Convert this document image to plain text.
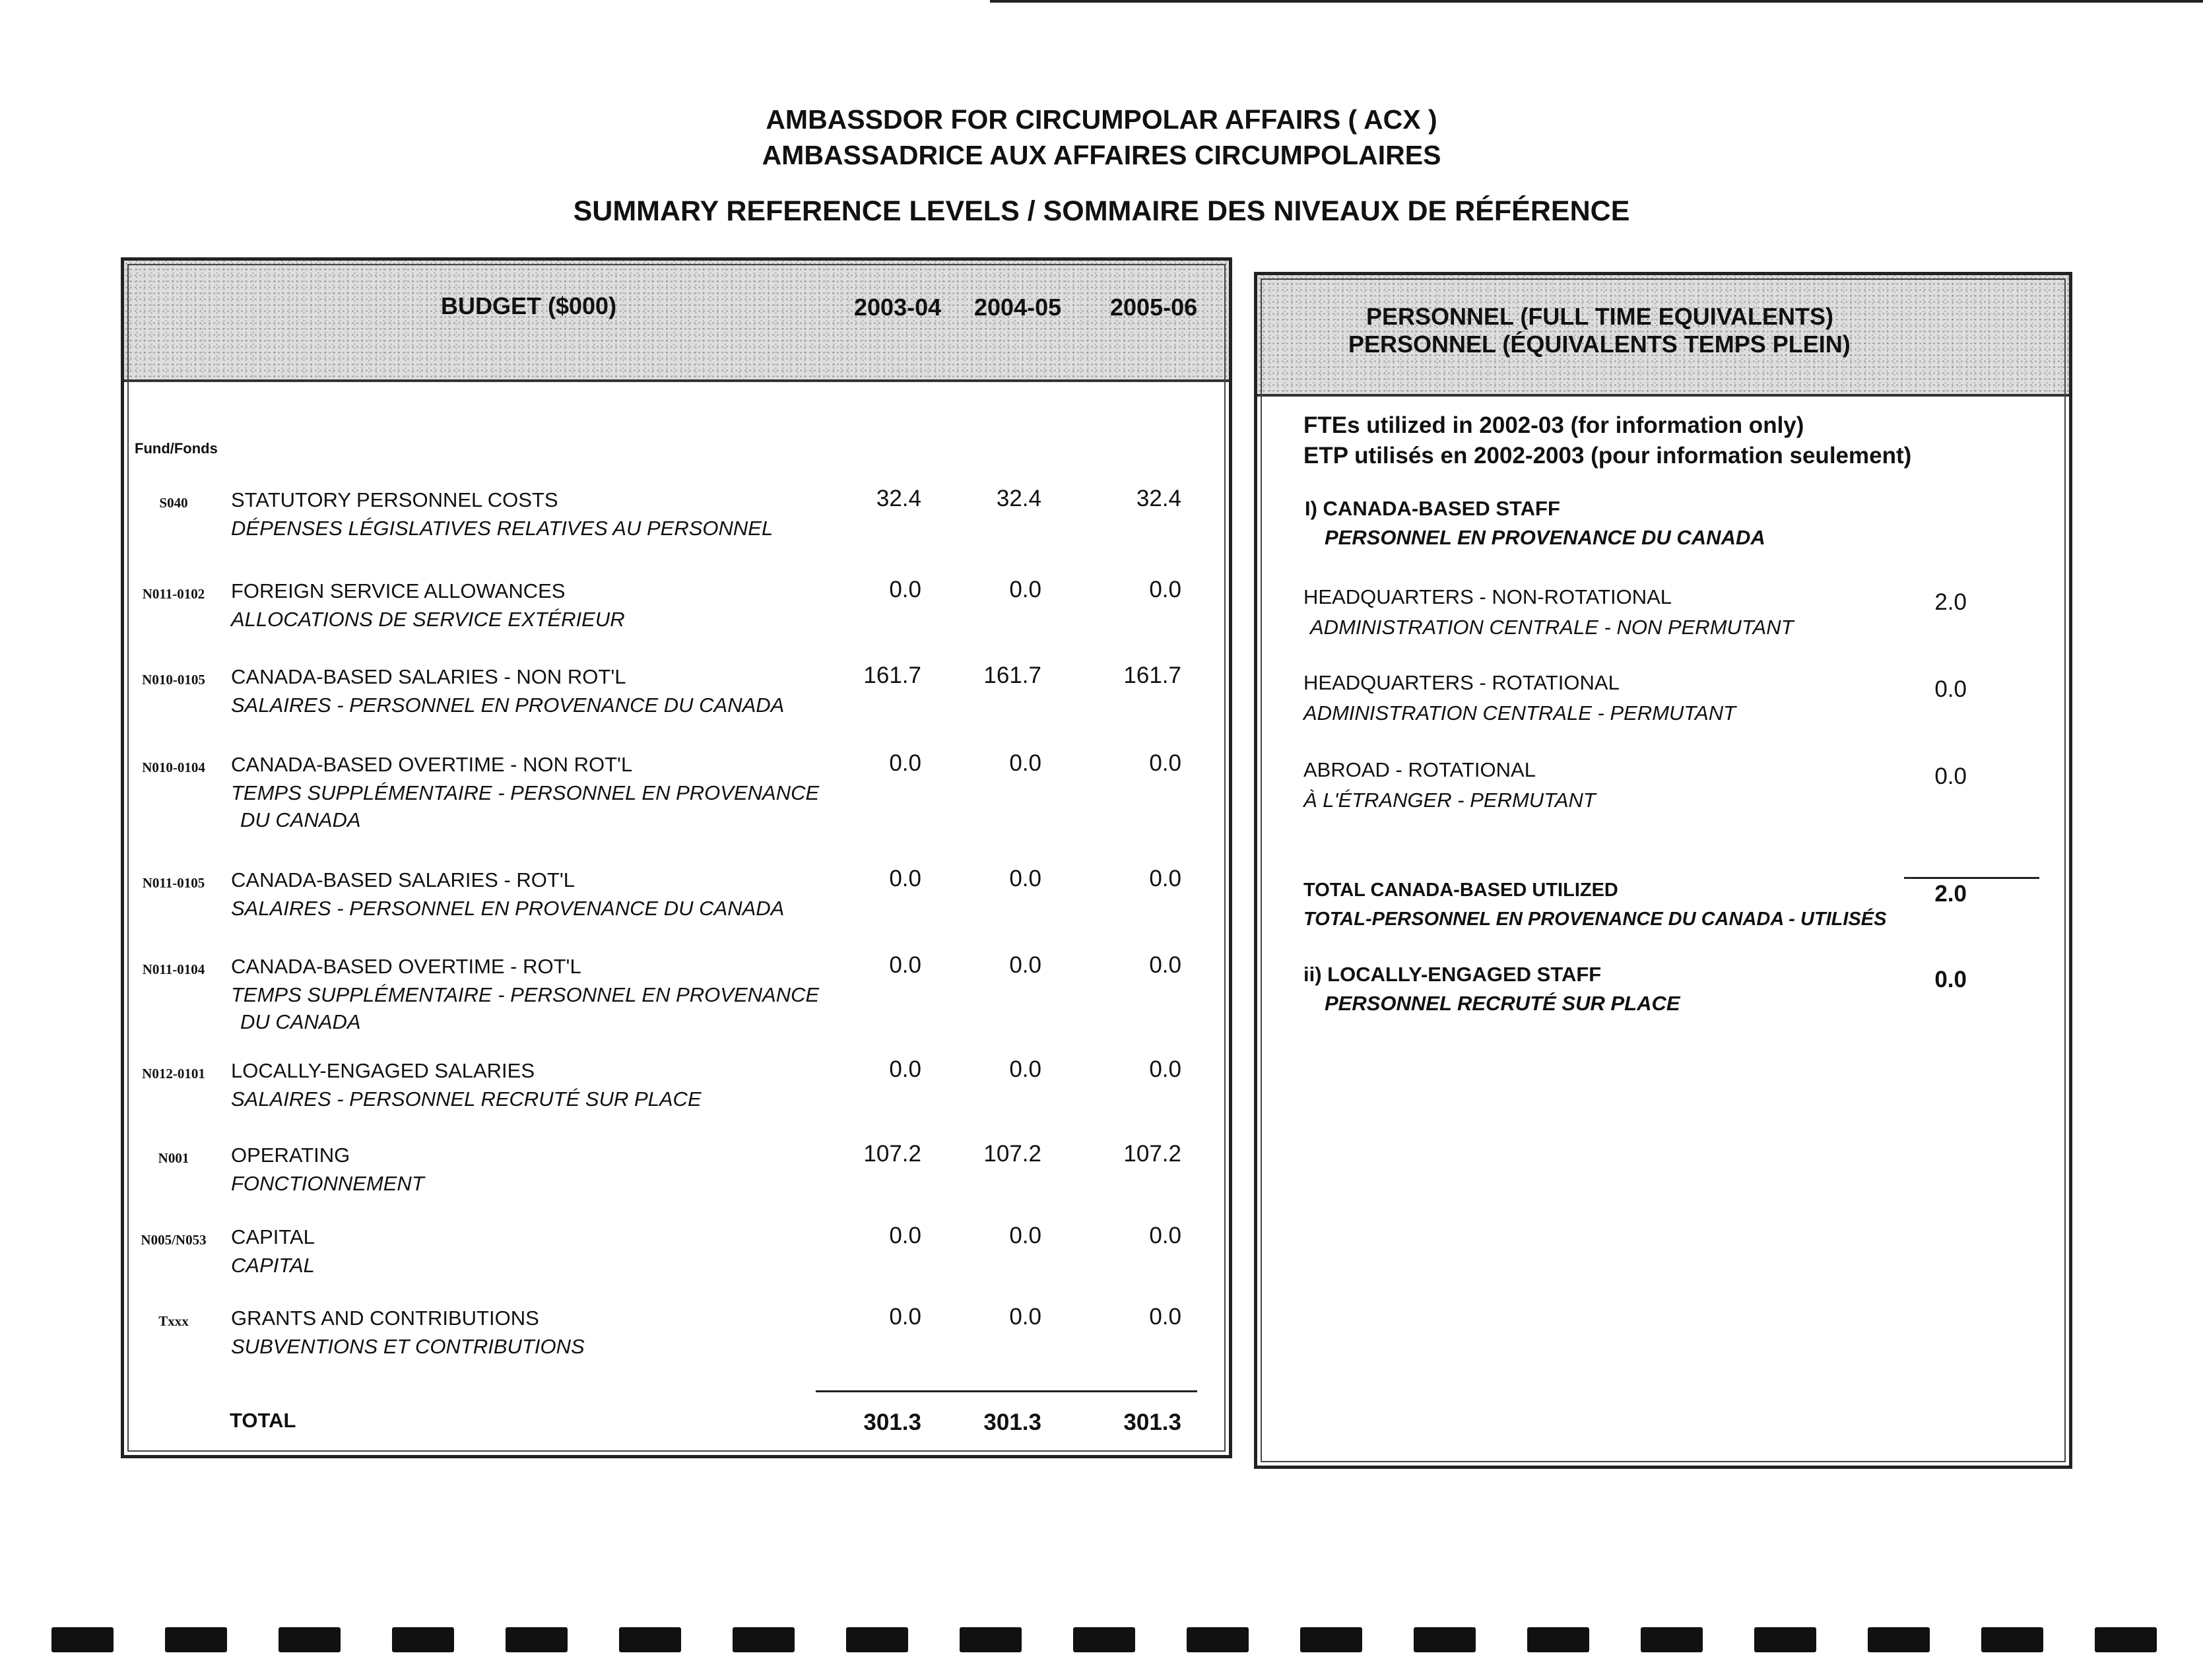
AMBASSDOR FOR CIRCUMPOLAR AFFAIRS ( ACX )
AMBASSADRICE AUX AFFAIRES CIRCUMPOLAIRES
SUMMARY REFERENCE LEVELS / SOMMAIRE DES NIVEAUX DE RÉFÉRENCE
BUDGET ($000)	2003-04 2004-05 2005-06
Fund/Fonds
S040	STATUTORY PERSONNEL COSTS
DÉPENSES LÉGISLATIVES RELATIVES AU PERSONNEL
32.4	32.4	32.4
N011-0102	FOREIGN SERVICE ALLOWANCES
ALLOCATIONS DE SERVICE EXTÉRIEUR
0.0	0.0	0.0
N010-0105	CANADA-BASED SALARIES - NON ROT'L
SALAIRES - PERSONNEL EN PROVENANCE DU CANADA
161.7	161.7	161.7
N010-0104	CANADA-BASED OVERTIME - NON ROT'L
TEMPS SUPPLÉMENTAIRE - PERSONNEL EN PROVENANCE
DU CANADA
0.0	0.0	0.0
N011-0105	CANADA-BASED SALARIES - ROT'L
SALAIRES - PERSONNEL EN PROVENANCE DU CANADA
0.0	0.0	0.0
N011-0104	CANADA-BASED OVERTIME - ROT'L
TEMPS SUPPLÉMENTAIRE - PERSONNEL EN PROVENANCE
DU CANADA
0.0	0.0	0.0
N012-0101	LOCALLY-ENGAGED SALARIES
SALAIRES - PERSONNEL RECRUTÉ SUR PLACE
0.0	0.0	0.0
N001	OPERATING
FONCTIONNEMENT
107.2	107.2	107.2
N005/N053	CAPITAL
CAPITAL
0.0	0.0	0.0
Txxx	GRANTS AND CONTRIBUTIONS
SUBVENTIONS ET CONTRIBUTIONS
0.0	0.0	0.0
TOTAL	301.3	301.3	301.3
PERSONNEL (FULL TIME EQUIVALENTS)
PERSONNEL (ÉQUIVALENTS TEMPS PLEIN)
FTEs utilized in 2002-03 (for information only)
ETP utilisés en 2002-2003 (pour information seulement)
I) CANADA-BASED STAFF
PERSONNEL EN PROVENANCE DU CANADA
HEADQUARTERS - NON-ROTATIONAL
ADMINISTRATION CENTRALE - NON PERMUTANT
2.0
HEADQUARTERS - ROTATIONAL
ADMINISTRATION CENTRALE - PERMUTANT
0.0
ABROAD - ROTATIONAL
À L'ÉTRANGER - PERMUTANT
0.0
TOTAL CANADA-BASED UTILIZED
TOTAL-PERSONNEL EN PROVENANCE DU CANADA - UTILISÉS
2.0
ii) LOCALLY-ENGAGED STAFF
PERSONNEL RECRUTÉ SUR PLACE
0.0
